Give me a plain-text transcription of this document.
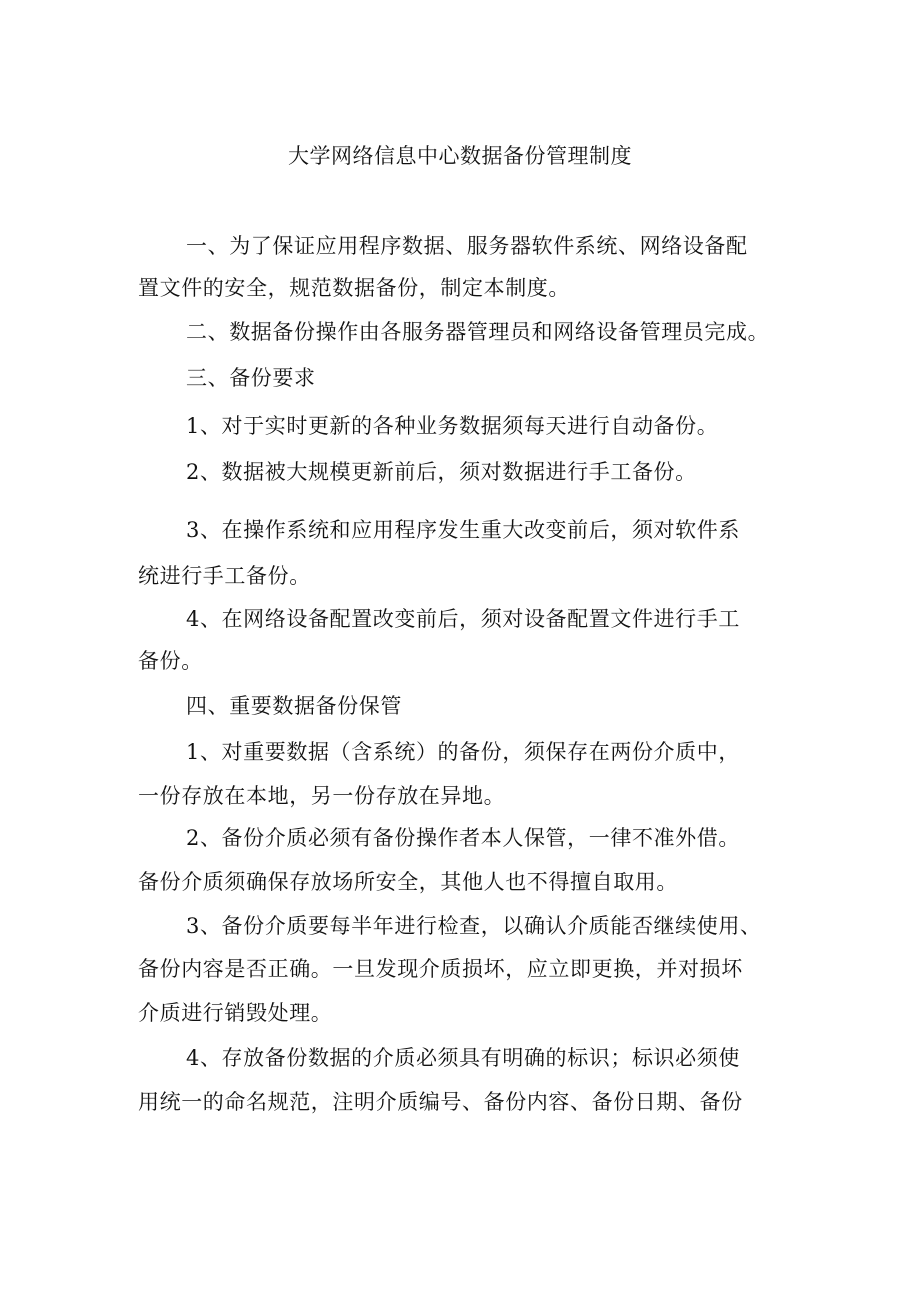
大学网络信息中心数据备份管理制度
一、为了保证应用程序数据、服务器软件系统、网络设备配
置文件的安全，规范数据备份，制定本制度。
二、数据备份操作由各服务器管理员和网络设备管理员完成。
三、备份要求
1、对于实时更新的各种业务数据须每天进行自动备份。
2、数据被大规模更新前后，须对数据进行手工备份。
3、在操作系统和应用程序发生重大改变前后，须对软件系
统进行手工备份。
4、在网络设备配置改变前后，须对设备配置文件进行手工
备份。
四、重要数据备份保管
1、对重要数据（含系统）的备份，须保存在两份介质中，
一份存放在本地，另一份存放在异地。
2、备份介质必须有备份操作者本人保管，一律不准外借。
备份介质须确保存放场所安全，其他人也不得擅自取用。
3、备份介质要每半年进行检查，以确认介质能否继续使用、
备份内容是否正确。一旦发现介质损坏，应立即更换，并对损坏
介质进行销毁处理。
4、存放备份数据的介质必须具有明确的标识；标识必须使
用统一的命名规范，注明介质编号、备份内容、备份日期、备份
